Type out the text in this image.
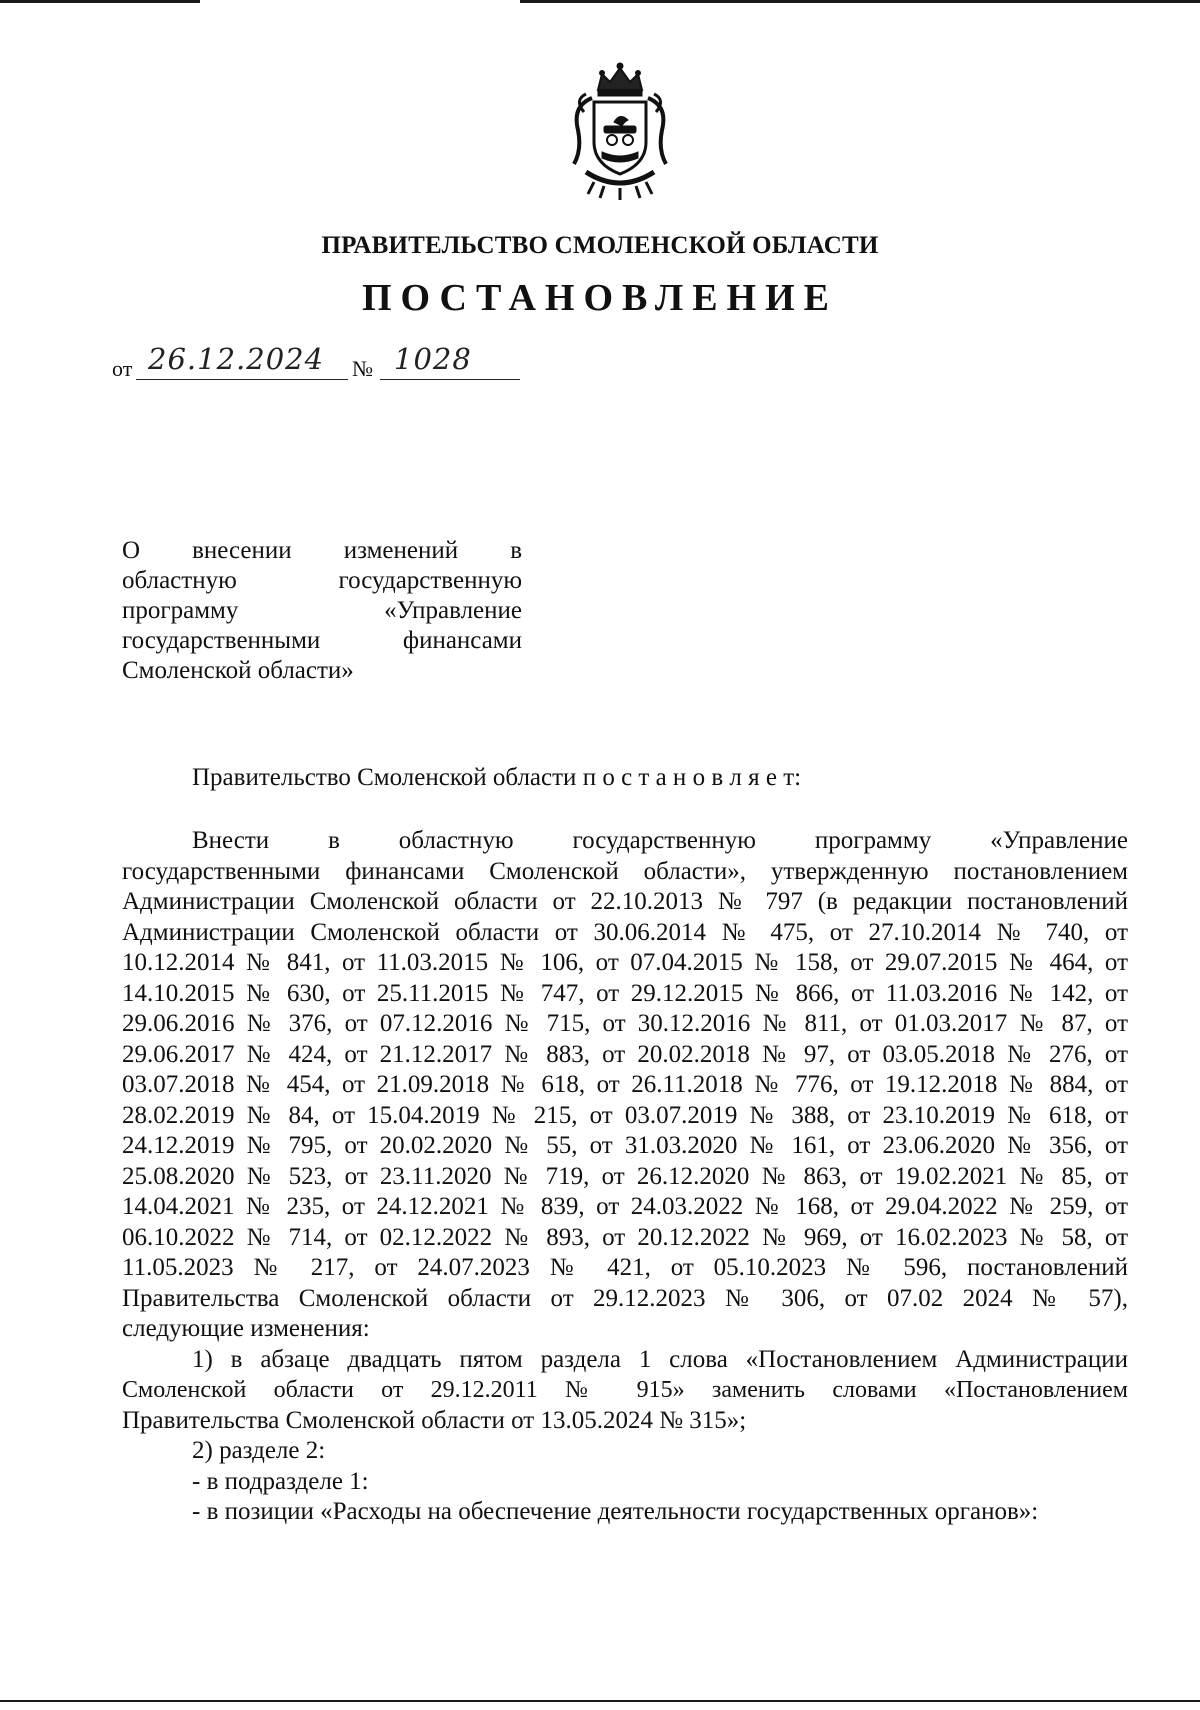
ПРАВИТЕЛЬСТВО СМОЛЕНСКОЙ ОБЛАСТИ
ПОСТАНОВЛЕНИЕ
от 26.12.2024 № 1028
О внесении изменений в
областную государственную
программу «Управление
государственными финансами
Смоленской области»
Правительство Смоленской области п о с т а н о в л я е т:
Внести в областную государственную программу «Управление
государственными финансами Смоленской области», утвержденную постановлением
Администрации Смоленской области от 22.10.2013 № 797 (в редакции постановлений
Администрации Смоленской области от 30.06.2014 № 475, от 27.10.2014 № 740, от
10.12.2014 № 841, от 11.03.2015 № 106, от 07.04.2015 № 158, от 29.07.2015 № 464, от
14.10.2015 № 630, от 25.11.2015 № 747, от 29.12.2015 № 866, от 11.03.2016 № 142, от
29.06.2016 № 376, от 07.12.2016 № 715, от 30.12.2016 № 811, от 01.03.2017 № 87, от
29.06.2017 № 424, от 21.12.2017 № 883, от 20.02.2018 № 97, от 03.05.2018 № 276, от
03.07.2018 № 454, от 21.09.2018 № 618, от 26.11.2018 № 776, от 19.12.2018 № 884, от
28.02.2019 № 84, от 15.04.2019 № 215, от 03.07.2019 № 388, от 23.10.2019 № 618, от
24.12.2019 № 795, от 20.02.2020 № 55, от 31.03.2020 № 161, от 23.06.2020 № 356, от
25.08.2020 № 523, от 23.11.2020 № 719, от 26.12.2020 № 863, от 19.02.2021 № 85, от
14.04.2021 № 235, от 24.12.2021 № 839, от 24.03.2022 № 168, от 29.04.2022 № 259, от
06.10.2022 № 714, от 02.12.2022 № 893, от 20.12.2022 № 969, от 16.02.2023 № 58, от
11.05.2023 № 217, от 24.07.2023 № 421, от 05.10.2023 № 596, постановлений
Правительства Смоленской области от 29.12.2023 № 306, от 07.02 2024 № 57),
следующие изменения:
1) в абзаце двадцать пятом раздела 1 слова «Постановлением Администрации
Смоленской области от 29.12.2011 № 915» заменить словами «Постановлением
Правительства Смоленской области от 13.05.2024 № 315»;
2) разделе 2:
- в подразделе 1:
- в позиции «Расходы на обеспечение деятельности государственных органов»:
